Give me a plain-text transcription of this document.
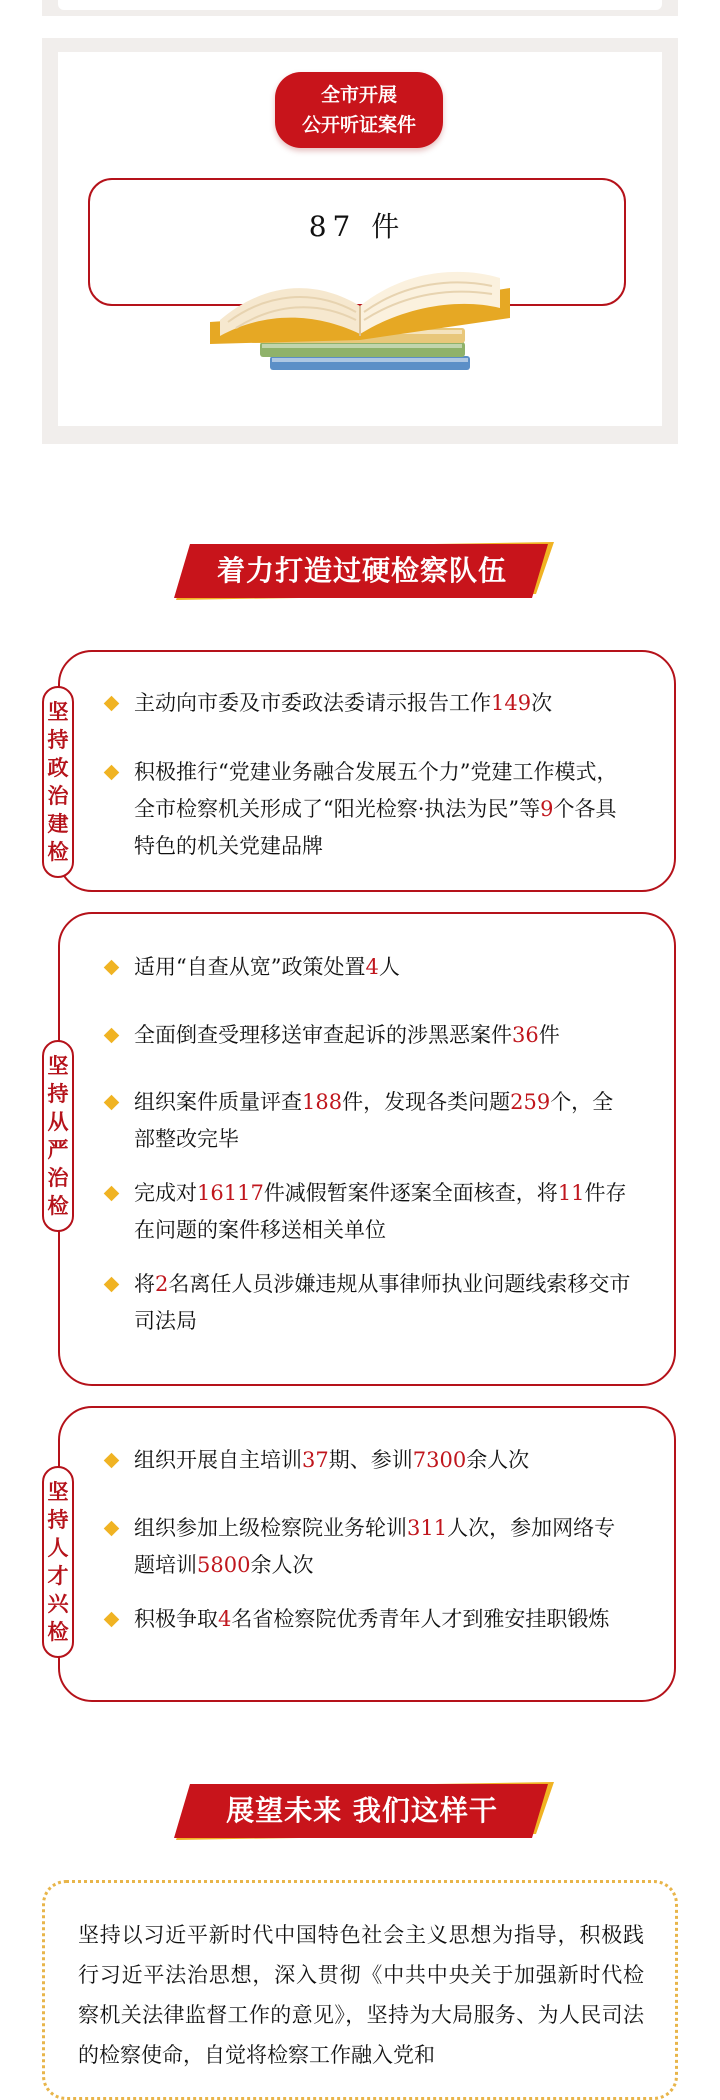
全市开展
公开听证案件
87 件
着力打造过硬检察队伍
坚持政治建检
主动向市委及市委政法委请示报告工作149次
积极推行“党建业务融合发展五个力”党建工作模式，全市检察机关形成了“阳光检察·执法为民”等9个各具特色的机关党建品牌
坚持从严治检
适用“自查从宽”政策处置4人
全面倒查受理移送审查起诉的涉黑恶案件36件
组织案件质量评查188件，发现各类问题259个，全部整改完毕
完成对16117件减假暂案件逐案全面核查，将11件存在问题的案件移送相关单位
将2名离任人员涉嫌违规从事律师执业问题线索移交市司法局
坚持人才兴检
组织开展自主培训37期、参训7300余人次
组织参加上级检察院业务轮训311人次，参加网络专题培训5800余人次
积极争取4名省检察院优秀青年人才到雅安挂职锻炼
展望未来 我们这样干
坚持以习近平新时代中国特色社会主义思想为指导，积极践行习近平法治思想，深入贯彻《中共中央关于加强新时代检察机关法律监督工作的意见》，坚持为大局服务、为人民司法的检察使命，自觉将检察工作融入党和
